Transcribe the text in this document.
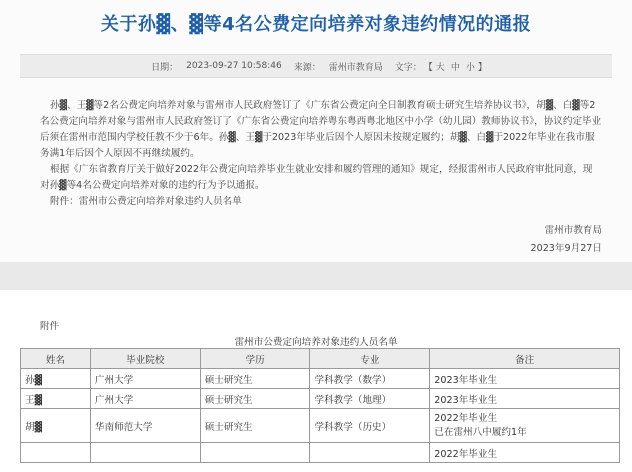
关于孙▓、▓等4名公费定向培养对象违约情况的通报
日期： 2023-09-27 10:58:46 来源： 雷州市教育局 文字： 【 大 中 小 】

孙▓、王▓等2名公费定向培养对象与雷州市人民政府签订了《广东省公费定向全日制教育硕士研究生培养协议书》，胡▓、白▓等2名公费定向培养对象与雷州市人民政府签订了《广东省公费定向培养粤东粤西粤北地区中小学（幼儿园）教师协议书》，协议约定毕业后须在雷州市范围内学校任教不少于6年。孙▓、王▓于2023年毕业后因个人原因未按规定履约；胡▓、白▓于2022年毕业在我市服务满1年后因个人原因不再继续履约。

根据《广东省教育厅关于做好2022年公费定向培养毕业生就业安排和履约管理的通知》规定，经报雷州市人民政府审批同意，现对孙▓等4名公费定向培养对象的违约行为予以通报。

附件：雷州市公费定向培养对象违约人员名单

雷州市教育局
2023年9月27日
附件
雷州市公费定向培养对象违约人员名单
姓名	毕业院校	学历	专业	备注
孙▓	广州大学	硕士研究生	学科教学（数学）	2023年毕业生
王▓	广州大学	硕士研究生	学科教学（地理）	2023年毕业生
胡▓	华南师范大学	硕士研究生	学科教学（历史）	2022年毕业生
已在雷州八中履约1年

				2022年毕业生
